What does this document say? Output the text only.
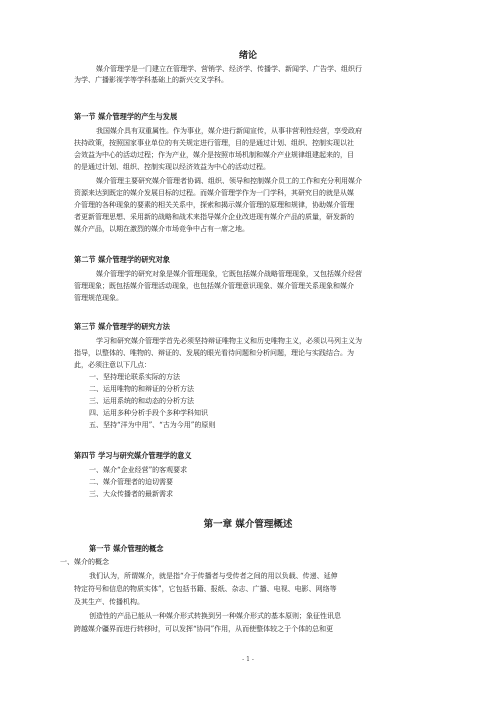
绪论
媒介管理学是一门建立在管理学、营销学、经济学、传播学、新闻学、广告学、组织行
为学、广播影视学等学科基础上的新兴交叉学科。
第一节 媒介管理学的产生与发展
我国媒介具有双重属性。作为事业，媒介进行新闻宣传，从事非营利性经营，享受政府
扶持政策，按照国家事业单位的有关规定进行管理，目的是通过计划、组织、控制实现以社
会效益为中心的活动过程；作为产业，媒介是按照市场机制和媒介产业规律组建起来的，目
的是通过计划、组织、控制实现以经济效益为中心的活动过程。
媒介管理主要研究媒介管理者协调、组织、领导和控制媒介员工的工作和充分利用媒介
资源来达到既定的媒介发展目标的过程。而媒介管理学作为一门学科，其研究目的就是从媒
介管理的各种现象的要素的相关关系中，探索和揭示媒介管理的原理和规律，协助媒介管理
者更新管理思想、采用新的战略和战术来指导媒介企业改进现有媒介产品的质量，研发新的
媒介产品，以期在激烈的媒介市场竞争中占有一席之地。
第二节 媒介管理学的研究对象
媒介管理学的研究对象是媒介管理现象，它既包括媒介战略管理现象，又包括媒介经营
管理现象；既包括媒介管理活动现象，也包括媒介管理意识现象、媒介管理关系现象和媒介
管理规范现象。
第三节 媒介管理学的研究方法
学习和研究媒介管理学首先必须坚持辩证唯物主义和历史唯物主义，必须以马列主义为
指导，以整体的、唯物的、辩证的、发展的眼光看待问题和分析问题，理论与实践结合。为
此，必须注意以下几点：
一、坚持理论联系实际的方法
二、运用唯物的和辩证的分析方法
三、运用系统的和动态的分析方法
四、运用多种分析手段个多种学科知识
五、坚持“洋为中用”、“古为今用”的原则
第四节 学习与研究媒介管理学的意义
一、媒介“企业经营”的客观要求
二、媒介管理者的迫切需要
三、大众传播者的最新需求
第一章 媒介管理概述
第一节 媒介管理的概念
一、媒介的概念
我们认为，所谓媒介，就是指“介于传播者与受传者之间的用以负载、传递、延伸
特定符号和信息的物质实体”，它包括书籍、报纸、杂志、广播、电视、电影、网络等
及其生产、传播机构。
创造性的产品已能从一种媒介形式转换到另一种媒介形式的基本原则；象征性讯息
跨越媒介疆界而进行转移时，可以发挥“协同”作用，从而使整体较之于个体的总和更
- 1 -
